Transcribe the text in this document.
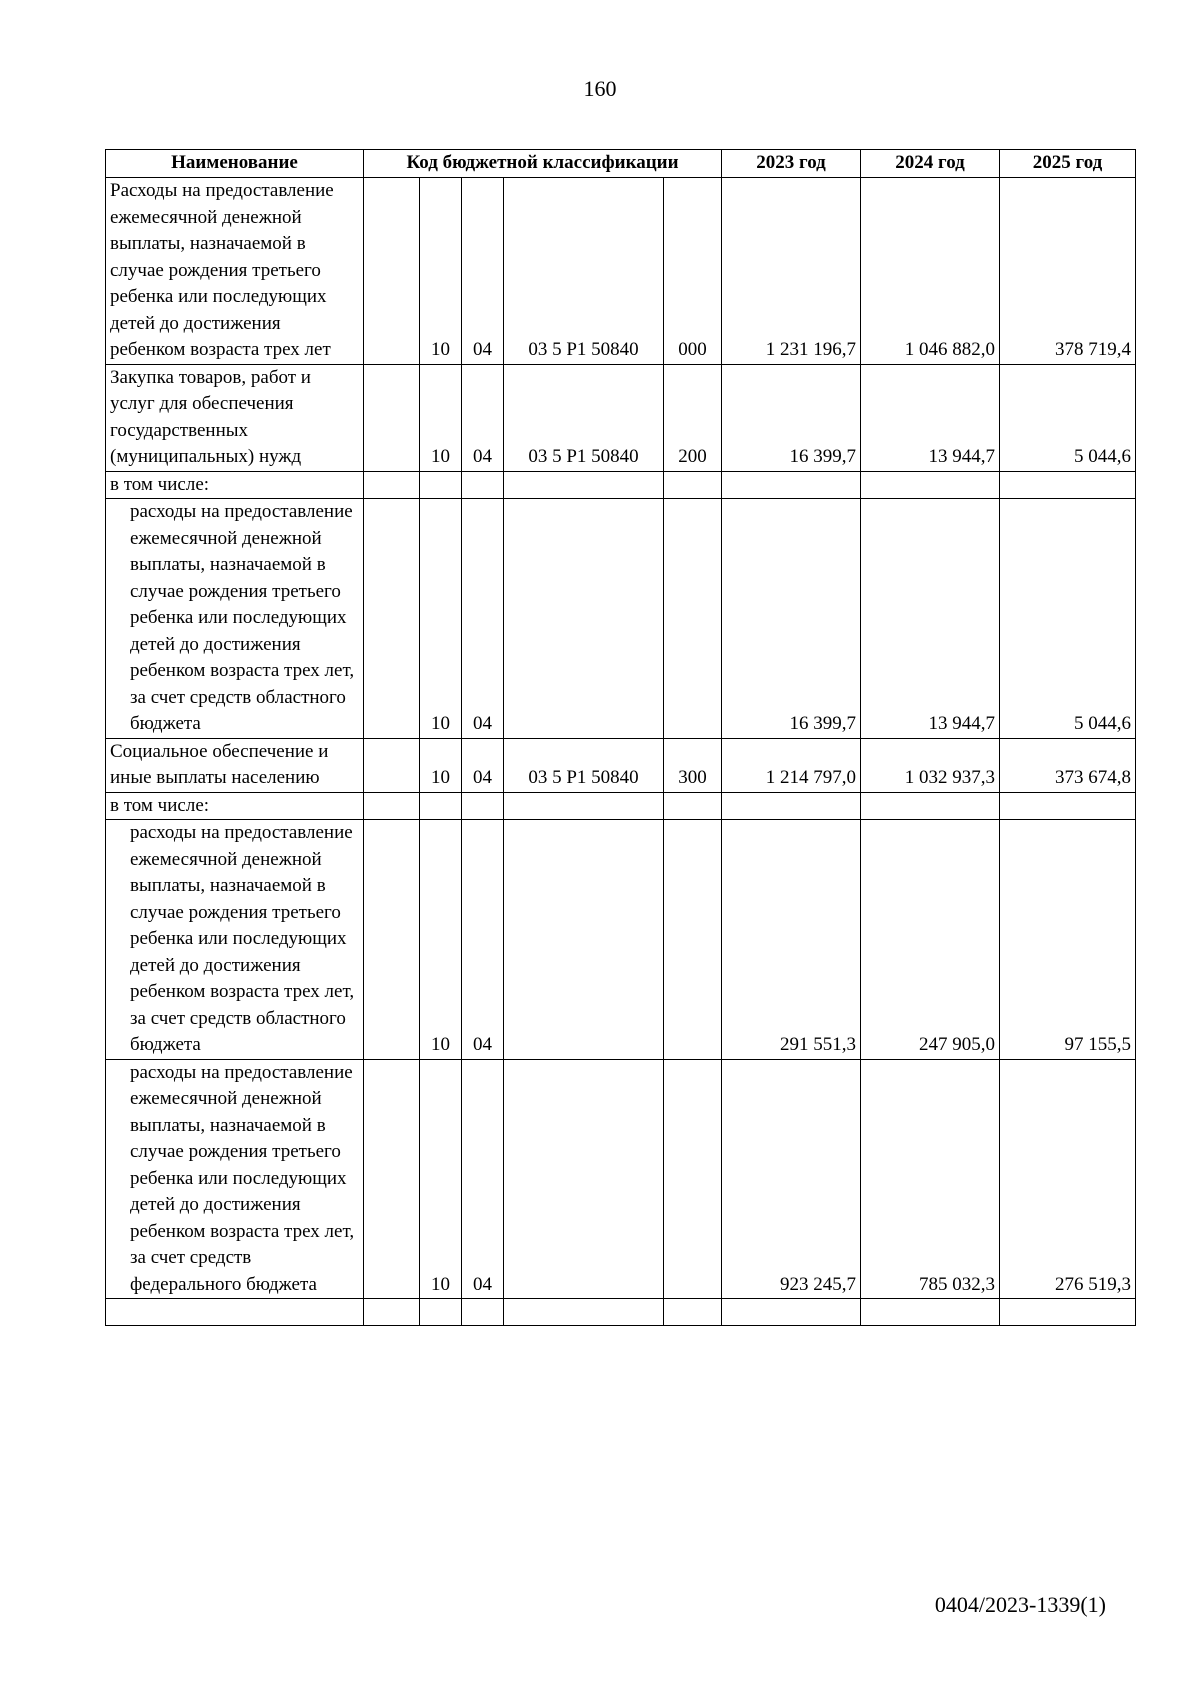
160
Наименование	Код бюджетной классификации					2023 год	2024 год	2025 год
Расходы на предоставление ежемесячной денежной выплаты, назначаемой в случае рождения третьего ребенка или последующих детей до достижения ребенком возраста трех лет		10	04	03 5 P1 50840	000	1 231 196,7	1 046 882,0	378 719,4
Закупка товаров, работ и услуг для обеспечения государственных (муниципальных) нужд		10	04	03 5 P1 50840	200	16 399,7	13 944,7	5 044,6
в том числе:								
расходы на предоставление ежемесячной денежной выплаты, назначаемой в случае рождения третьего ребенка или последующих детей до достижения ребенком возраста трех лет, за счет средств областного бюджета		10	04			16 399,7	13 944,7	5 044,6
Социальное обеспечение и иные выплаты населению		10	04	03 5 P1 50840	300	1 214 797,0	1 032 937,3	373 674,8
в том числе:								
расходы на предоставление ежемесячной денежной выплаты, назначаемой в случае рождения третьего ребенка или последующих детей до достижения ребенком возраста трех лет, за счет средств областного бюджета		10	04			291 551,3	247 905,0	97 155,5
расходы на предоставление ежемесячной денежной выплаты, назначаемой в случае рождения третьего ребенка или последующих детей до достижения ребенком возраста трех лет, за счет средств федерального бюджета		10	04			923 245,7	785 032,3	276 519,3

0404/2023-1339(1)
